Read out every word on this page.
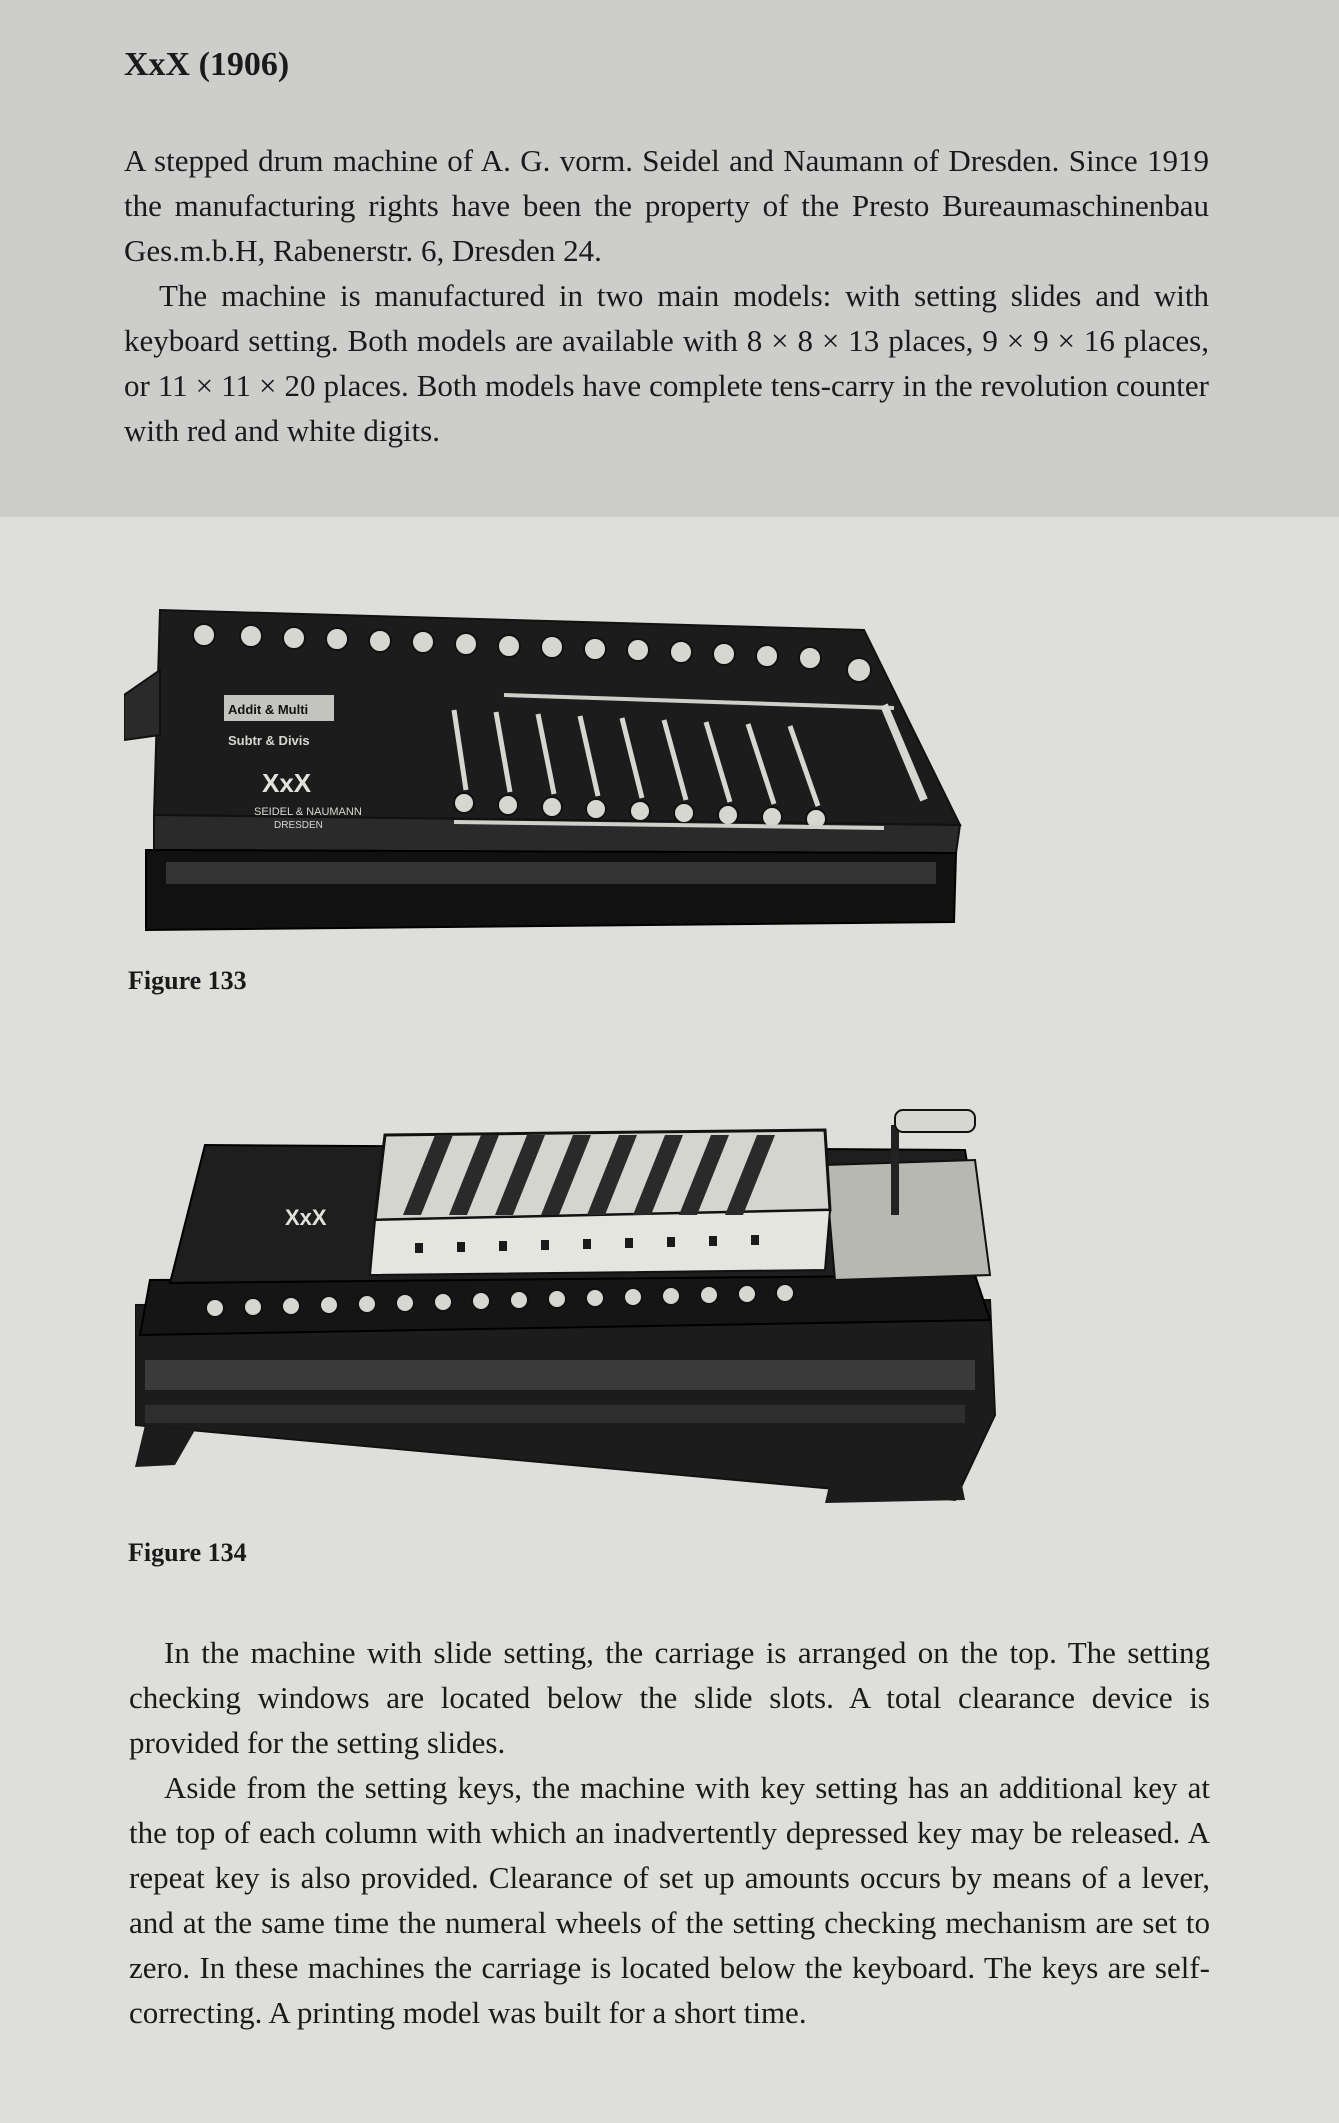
XxX (1906)

A stepped drum machine of A. G. vorm. Seidel and Naumann of Dresden. Since 1919 the manufacturing rights have been the property of the Presto Bureaumaschinenbau Ges.m.b.H, Rabenerstr. 6, Dresden 24.

The machine is manufactured in two main models: with setting slides and with keyboard setting. Both models are available with 8 × 8 × 13 places, 9 × 9 × 16 places, or 11 × 11 × 20 places. Both models have complete tens-carry in the revolution counter with red and white digits.

Addit & Multi
Subtr & Divis
XxX
SEIDEL & NAUMANN
DRESDEN

Figure 133

XxX

Figure 134

In the machine with slide setting, the carriage is arranged on the top. The setting checking windows are located below the slide slots. A total clearance device is provided for the setting slides.

Aside from the setting keys, the machine with key setting has an additional key at the top of each column with which an inadvertently depressed key may be released. A repeat key is also provided. Clearance of set up amounts occurs by means of a lever, and at the same time the numeral wheels of the setting checking mechanism are set to zero. In these machines the carriage is located below the keyboard. The keys are self-correcting. A printing model was built for a short time.
